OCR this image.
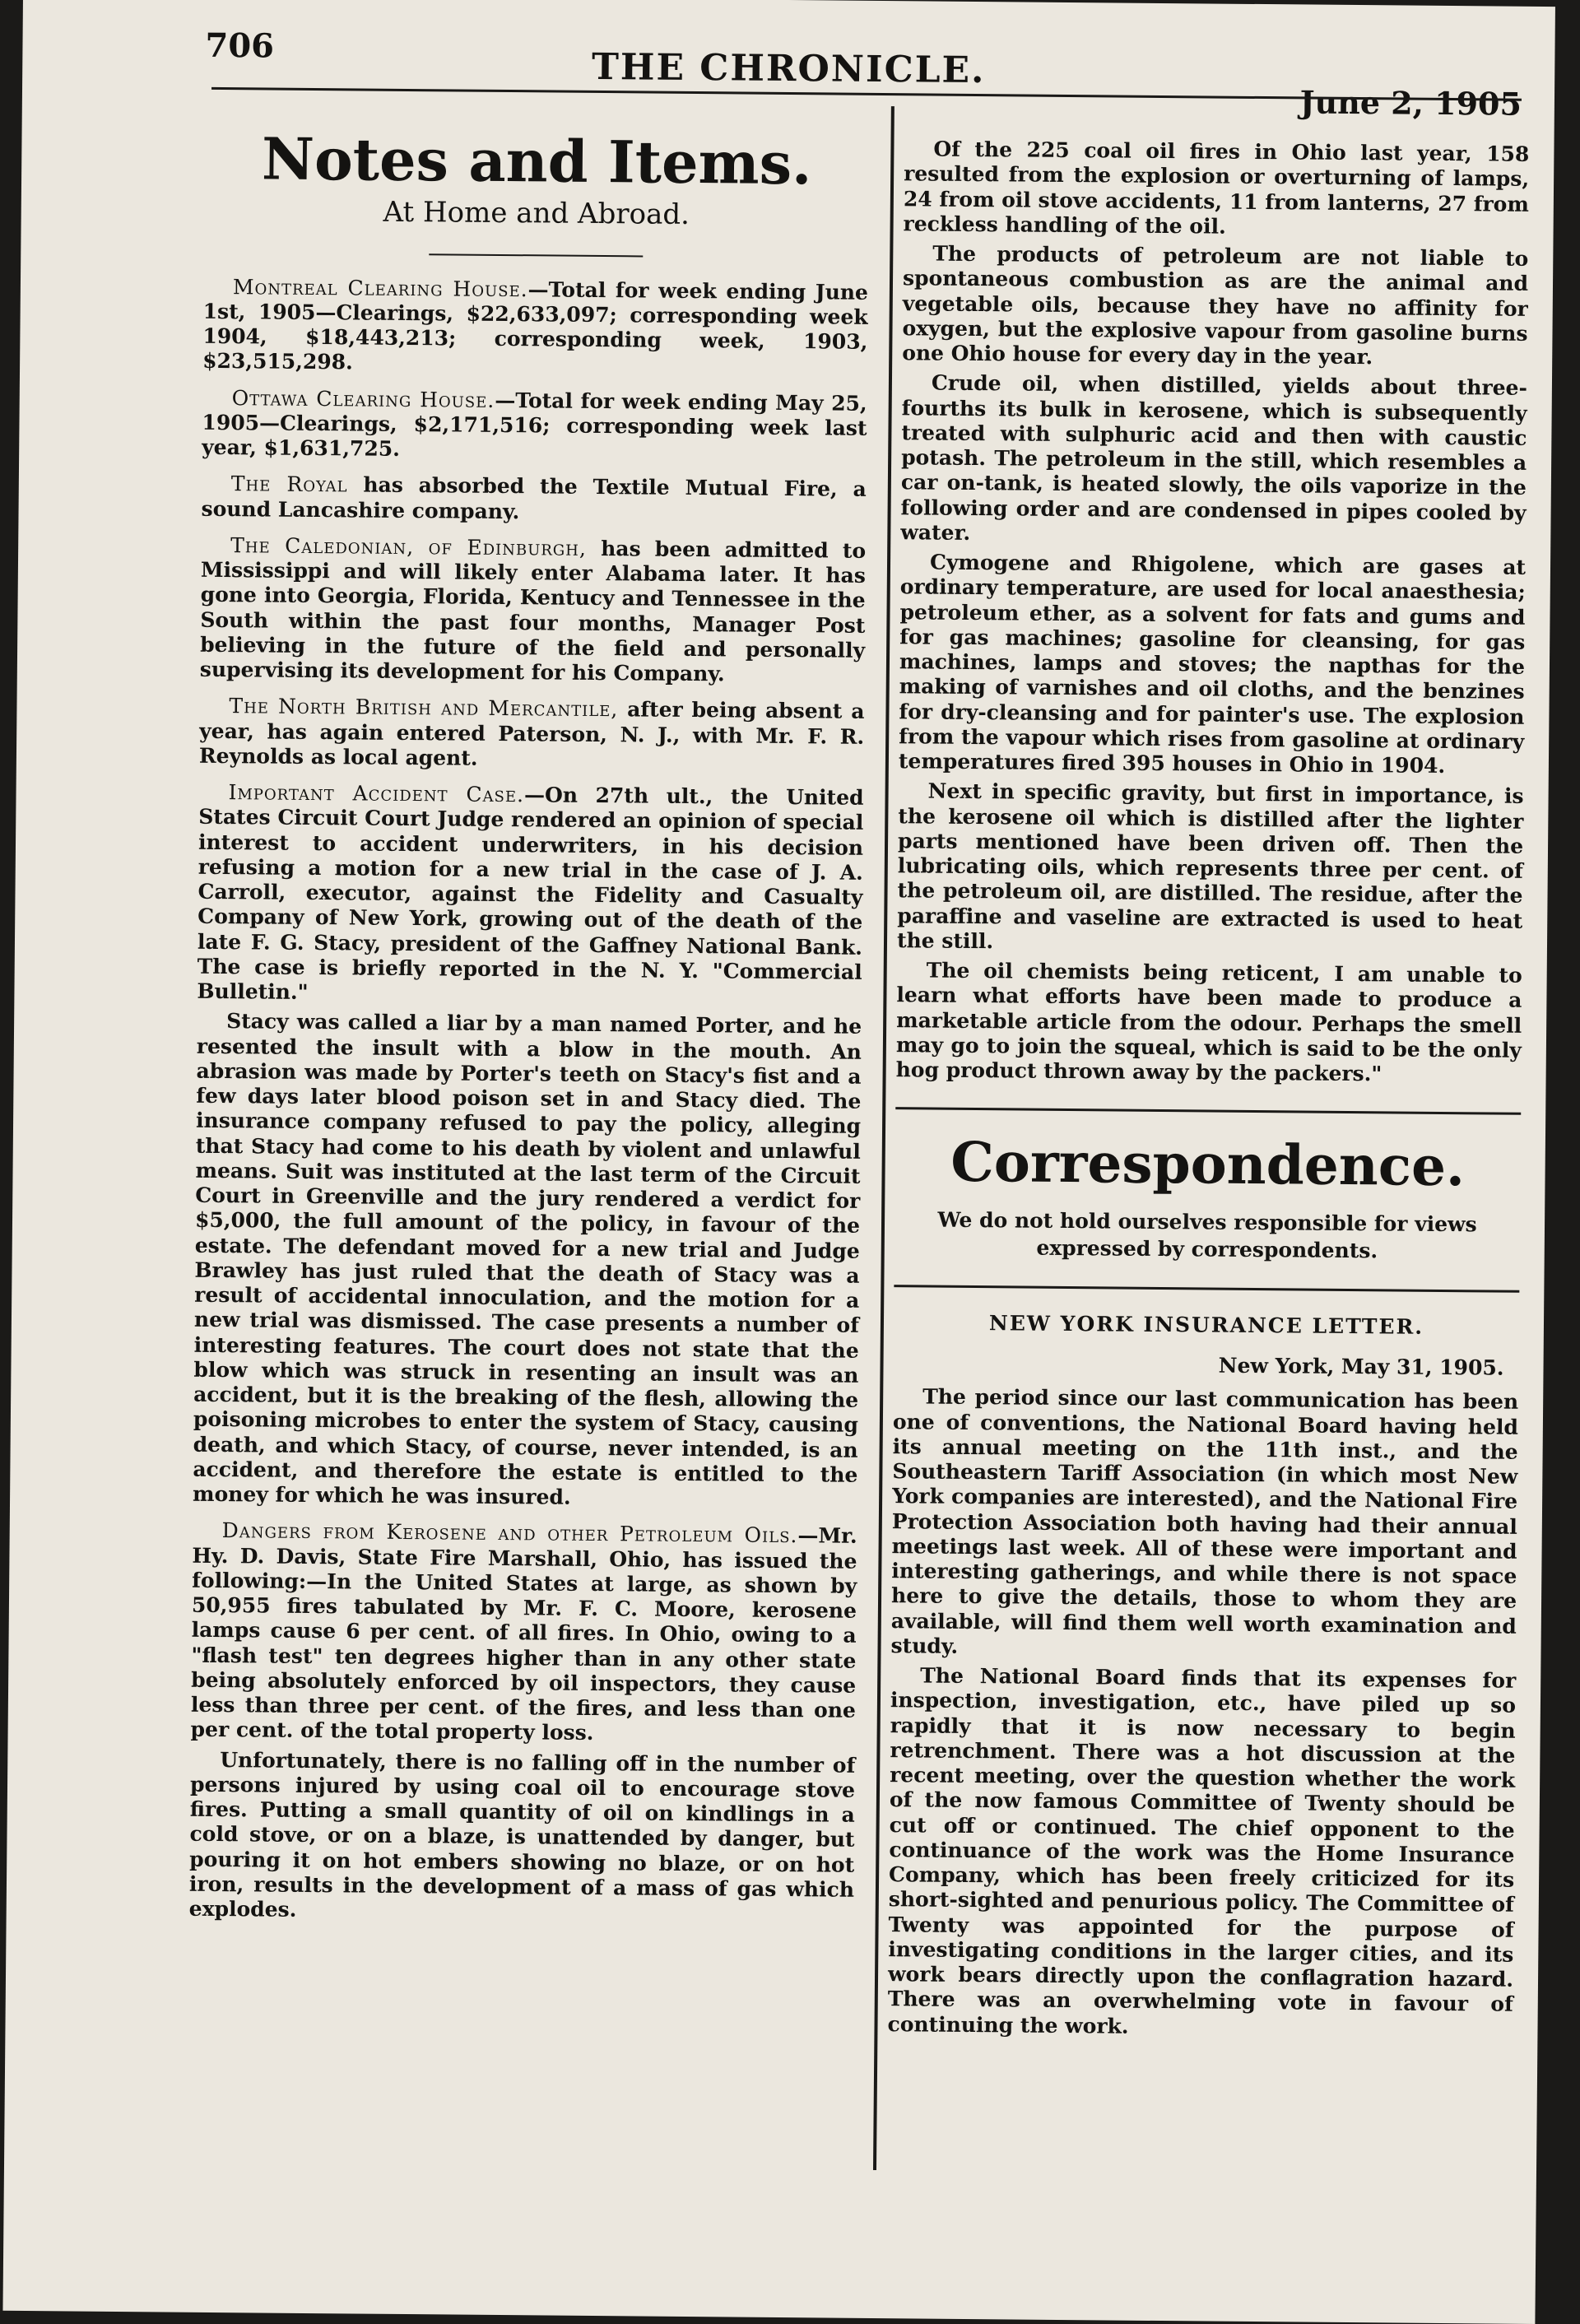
706
THE CHRONICLE.
June 2, 1905
Notes and Items.
At Home and Abroad.

Montreal Clearing House.—Total for week ending June 1st, 1905—Clearings, $22,633,097; corresponding week 1904, $18,443,213; corresponding week, 1903, $23,515,298.

Ottawa Clearing House.—Total for week ending May 25, 1905—Clearings, $2,171,516; corresponding week last year, $1,631,725.

The Royal has absorbed the Textile Mutual Fire, a sound Lancashire company.

The Caledonian, of Edinburgh, has been admitted to Mississippi and will likely enter Alabama later. It has gone into Georgia, Florida, Kentucy and Tennessee in the South within the past four months, Manager Post believing in the future of the field and personally supervising its development for his Company.

The North British and Mercantile, after being absent a year, has again entered Paterson, N. J., with Mr. F. R. Reynolds as local agent.

Important Accident Case.—On 27th ult., the United States Circuit Court Judge rendered an opinion of special interest to accident underwriters, in his decision refusing a motion for a new trial in the case of J. A. Carroll, executor, against the Fidelity and Casualty Company of New York, growing out of the death of the late F. G. Stacy, president of the Gaffney National Bank. The case is briefly reported in the N. Y. "Commercial Bulletin."

Stacy was called a liar by a man named Porter, and he resented the insult with a blow in the mouth. An abrasion was made by Porter's teeth on Stacy's fist and a few days later blood poison set in and Stacy died. The insurance company refused to pay the policy, alleging that Stacy had come to his death by violent and unlawful means. Suit was instituted at the last term of the Circuit Court in Greenville and the jury rendered a verdict for $5,000, the full amount of the policy, in favour of the estate. The defendant moved for a new trial and Judge Brawley has just ruled that the death of Stacy was a result of accidental innoculation, and the motion for a new trial was dismissed. The case presents a number of interesting features. The court does not state that the blow which was struck in resenting an insult was an accident, but it is the breaking of the flesh, allowing the poisoning microbes to enter the system of Stacy, causing death, and which Stacy, of course, never intended, is an accident, and therefore the estate is entitled to the money for which he was insured.

Dangers from Kerosene and other Petroleum Oils.—Mr. Hy. D. Davis, State Fire Marshall, Ohio, has issued the following:—In the United States at large, as shown by 50,955 fires tabulated by Mr. F. C. Moore, kerosene lamps cause 6 per cent. of all fires. In Ohio, owing to a "flash test" ten degrees higher than in any other state being absolutely enforced by oil inspectors, they cause less than three per cent. of the fires, and less than one per cent. of the total property loss.

Unfortunately, there is no falling off in the number of persons injured by using coal oil to encourage stove fires. Putting a small quantity of oil on kindlings in a cold stove, or on a blaze, is unattended by danger, but pouring it on hot embers showing no blaze, or on hot iron, results in the development of a mass of gas which explodes.

Of the 225 coal oil fires in Ohio last year, 158 resulted from the explosion or overturning of lamps, 24 from oil stove accidents, 11 from lanterns, 27 from reckless handling of the oil.

The products of petroleum are not liable to spontaneous combustion as are the animal and vegetable oils, because they have no affinity for oxygen, but the explosive vapour from gasoline burns one Ohio house for every day in the year.

Crude oil, when distilled, yields about three-fourths its bulk in kerosene, which is subsequently treated with sulphuric acid and then with caustic potash. The petroleum in the still, which resembles a car on-tank, is heated slowly, the oils vaporize in the following order and are condensed in pipes cooled by water.

Cymogene and Rhigolene, which are gases at ordinary temperature, are used for local anaesthesia; petroleum ether, as a solvent for fats and gums and for gas machines; gasoline for cleansing, for gas machines, lamps and stoves; the napthas for the making of varnishes and oil cloths, and the benzines for dry-cleansing and for painter's use. The explosion from the vapour which rises from gasoline at ordinary temperatures fired 395 houses in Ohio in 1904.

Next in specific gravity, but first in importance, is the kerosene oil which is distilled after the lighter parts mentioned have been driven off. Then the lubricating oils, which represents three per cent. of the petroleum oil, are distilled. The residue, after the paraffine and vaseline are extracted is used to heat the still.

The oil chemists being reticent, I am unable to learn what efforts have been made to produce a marketable article from the odour. Perhaps the smell may go to join the squeal, which is said to be the only hog product thrown away by the packers."

Correspondence.
We do not hold ourselves responsible for views expressed by correspondents.
NEW YORK INSURANCE LETTER.
New York, May 31, 1905.

The period since our last communication has been one of conventions, the National Board having held its annual meeting on the 11th inst., and the Southeastern Tariff Association (in which most New York companies are interested), and the National Fire Protection Association both having had their annual meetings last week. All of these were important and interesting gatherings, and while there is not space here to give the details, those to whom they are available, will find them well worth examination and study.

The National Board finds that its expenses for inspection, investigation, etc., have piled up so rapidly that it is now necessary to begin retrenchment. There was a hot discussion at the recent meeting, over the question whether the work of the now famous Committee of Twenty should be cut off or continued. The chief opponent to the continuance of the work was the Home Insurance Company, which has been freely criticized for its short-sighted and penurious policy. The Committee of Twenty was appointed for the purpose of investigating conditions in the larger cities, and its work bears directly upon the conflagration hazard. There was an overwhelming vote in favour of continuing the work.
